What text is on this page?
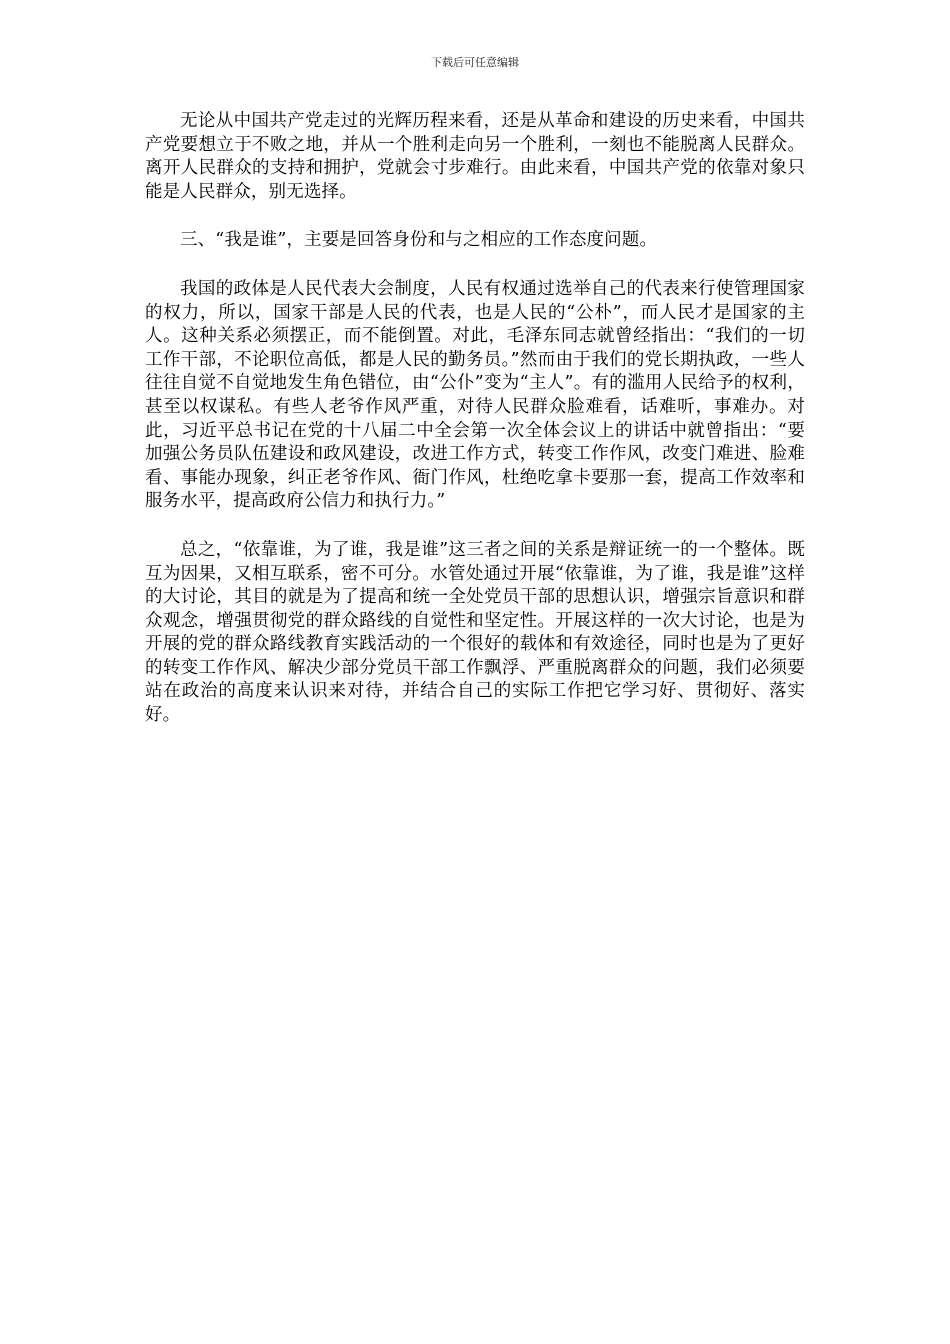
下载后可任意编辑

无论从中国共产党走过的光辉历程来看，还是从革命和建设的历史来看，中国共产党要想立于不败之地，并从一个胜利走向另一个胜利，一刻也不能脱离人民群众。离开人民群众的支持和拥护，党就会寸步难行。由此来看，中国共产党的依靠对象只能是人民群众，别无选择。

三、“我是谁”，主要是回答身份和与之相应的工作态度问题。

我国的政体是人民代表大会制度，人民有权通过选举自己的代表来行使管理国家的权力，所以，国家干部是人民的代表，也是人民的“公朴”，而人民才是国家的主人。这种关系必须摆正，而不能倒置。对此，毛泽东同志就曾经指出：“我们的一切工作干部，不论职位高低，都是人民的勤务员。”然而由于我们的党长期执政，一些人往往自觉不自觉地发生角色错位，由“公仆”变为“主人”。有的滥用人民给予的权利，甚至以权谋私。有些人老爷作风严重，对待人民群众脸难看，话难听，事难办。对此，习近平总书记在党的十八届二中全会第一次全体会议上的讲话中就曾指出：“要加强公务员队伍建设和政风建设，改进工作方式，转变工作作风，改变门难进、脸难看、事能办现象，纠正老爷作风、衙门作风，杜绝吃拿卡要那一套，提高工作效率和服务水平，提高政府公信力和执行力。”

总之，“依靠谁，为了谁，我是谁”这三者之间的关系是辩证统一的一个整体。既互为因果，又相互联系，密不可分。水管处通过开展“依靠谁，为了谁，我是谁”这样的大讨论，其目的就是为了提高和统一全处党员干部的思想认识，增强宗旨意识和群众观念，增强贯彻党的群众路线的自觉性和坚定性。开展这样的一次大讨论，也是为开展的党的群众路线教育实践活动的一个很好的载体和有效途径，同时也是为了更好的转变工作作风、解决少部分党员干部工作飘浮、严重脱离群众的问题，我们必须要站在政治的高度来认识来对待，并结合自己的实际工作把它学习好、贯彻好、落实好。
